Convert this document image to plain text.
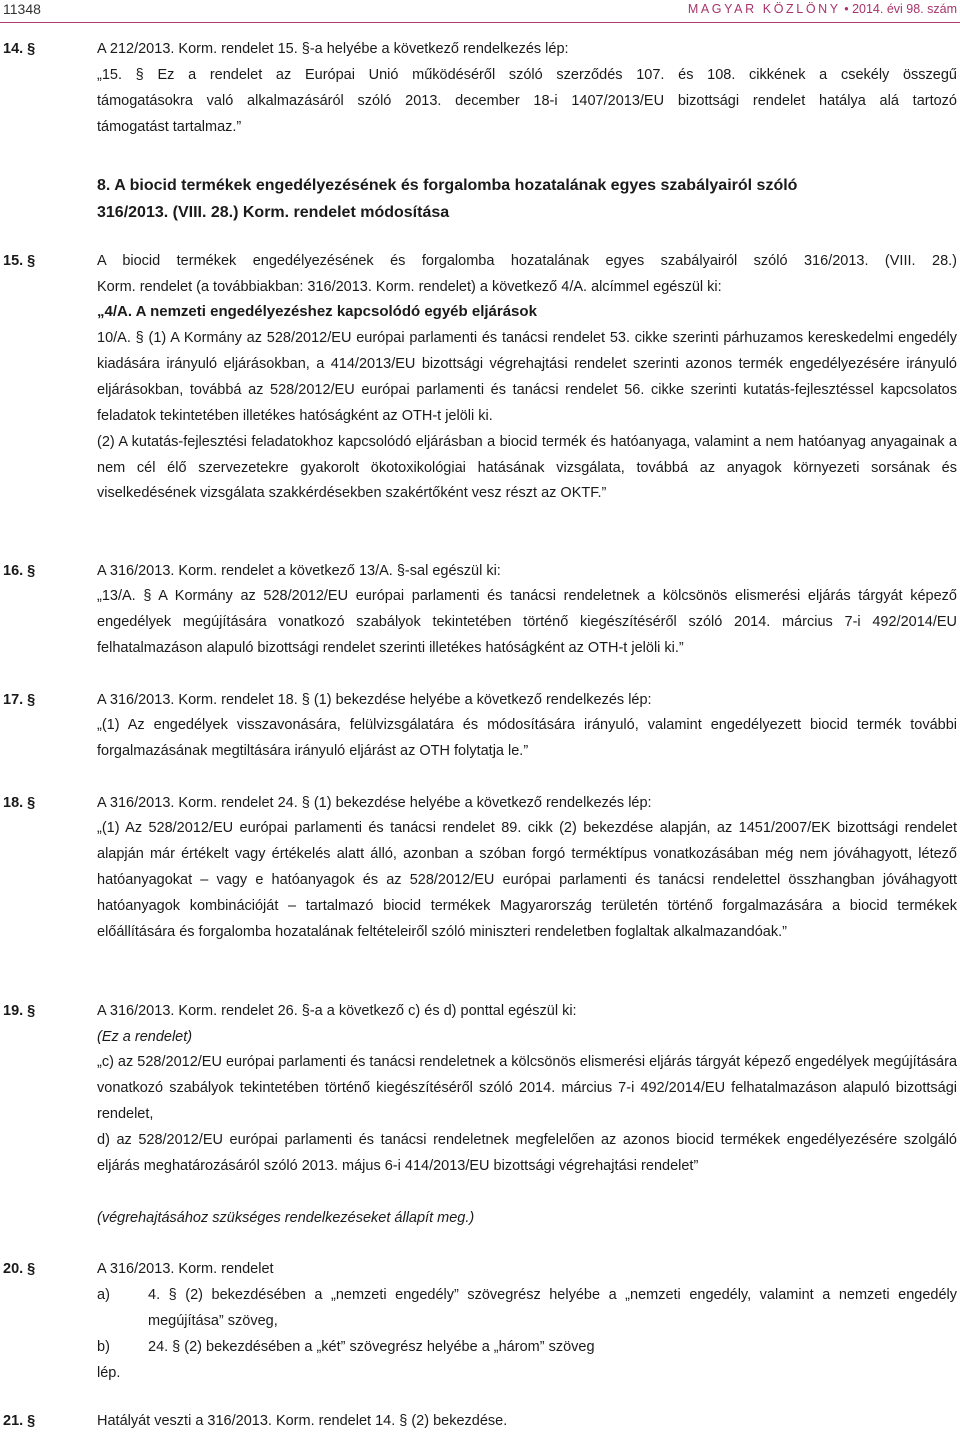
11348	MAGYAR KÖZLÖNY • 2014. évi 98. szám
14. §	A 212/2013. Korm. rendelet 15. §-a helyébe a következő rendelkezés lép:
„15. § Ez a rendelet az Európai Unió működéséről szóló szerződés 107. és 108. cikkének a csekély összegű
támogatásokra való alkalmazásáról szóló 2013. december 18-i 1407/2013/EU bizottsági rendelet hatálya alá tartozó
támogatást tartalmaz.”
8. A biocid termékek engedélyezésének és forgalomba hozatalának egyes szabályairól szóló
316/2013. (VIII. 28.) Korm. rendelet módosítása
15. §	A biocid termékek engedélyezésének és forgalomba hozatalának egyes szabályairól szóló 316/2013. (VIII. 28.)
Korm. rendelet (a továbbiakban: 316/2013. Korm. rendelet) a következő 4/A. alcímmel egészül ki:
„4/A. A nemzeti engedélyezéshez kapcsolódó egyéb eljárások

10/A. § (1) A Kormány az 528/2012/EU európai parlamenti és tanácsi rendelet 53. cikke szerinti párhuzamos kereskedelmi engedély kiadására irányuló eljárásokban, a 414/2013/EU bizottsági végrehajtási rendelet szerinti azonos termék engedélyezésére irányuló eljárásokban, továbbá az 528/2012/EU európai parlamenti és tanácsi rendelet 56. cikke szerinti kutatás-fejlesztéssel kapcsolatos feladatok tekintetében illetékes hatóságként az OTH-t jelöli ki.

(2) A kutatás-fejlesztési feladatokhoz kapcsolódó eljárásban a biocid termék és hatóanyaga, valamint a nem hatóanyag anyagainak a nem cél élő szervezetekre gyakorolt ökotoxikológiai hatásának vizsgálata, továbbá az anyagok környezeti sorsának és viselkedésének vizsgálata szakkérdésekben szakértőként vesz részt az OKTF.”

16. §	A 316/2013. Korm. rendelet a következő 13/A. §-sal egészül ki:

„13/A. § A Kormány az 528/2012/EU európai parlamenti és tanácsi rendeletnek a kölcsönös elismerési eljárás tárgyát képező engedélyek megújítására vonatkozó szabályok tekintetében történő kiegészítéséről szóló 2014. március 7-i 492/2014/EU felhatalmazáson alapuló bizottsági rendelet szerinti illetékes hatóságként az OTH-t jelöli ki.”

17. §	A 316/2013. Korm. rendelet 18. § (1) bekezdése helyébe a következő rendelkezés lép:

„(1) Az engedélyek visszavonására, felülvizsgálatára és módosítására irányuló, valamint engedélyezett biocid termék további forgalmazásának megtiltására irányuló eljárást az OTH folytatja le.”

18. §	A 316/2013. Korm. rendelet 24. § (1) bekezdése helyébe a következő rendelkezés lép:

„(1) Az 528/2012/EU európai parlamenti és tanácsi rendelet 89. cikk (2) bekezdése alapján, az 1451/2007/EK bizottsági rendelet alapján már értékelt vagy értékelés alatt álló, azonban a szóban forgó terméktípus vonatkozásában még nem jóváhagyott, létező hatóanyagokat – vagy e hatóanyagok és az 528/2012/EU európai parlamenti és tanácsi rendelettel összhangban jóváhagyott hatóanyagok kombinációját – tartalmazó biocid termékek Magyarország területén történő forgalmazására a biocid termékek előállítására és forgalomba hozatalának feltételeiről szóló miniszteri rendeletben foglaltak alkalmazandóak.”

19. §	A 316/2013. Korm. rendelet 26. §-a a következő c) és d) ponttal egészül ki:
(Ez a rendelet)

„c) az 528/2012/EU európai parlamenti és tanácsi rendeletnek a kölcsönös elismerési eljárás tárgyát képező engedélyek megújítására vonatkozó szabályok tekintetében történő kiegészítéséről szóló 2014. március 7-i 492/2014/EU felhatalmazáson alapuló bizottsági rendelet,

d) az 528/2012/EU európai parlamenti és tanácsi rendeletnek megfelelően az azonos biocid termékek engedélyezésére szolgáló eljárás meghatározásáról szóló 2013. május 6-i 414/2013/EU bizottsági végrehajtási rendelet”

(végrehajtásához szükséges rendelkezéseket állapít meg.)
20. §	A 316/2013. Korm. rendelet
a)	4. § (2) bekezdésében a „nemzeti engedély” szövegrész helyébe a „nemzeti engedély, valamint a nemzeti engedély megújítása” szöveg,

b)	24. § (2) bekezdésében a „két” szövegrész helyébe a „három” szöveg
lép.
21. §	Hatályát veszti a 316/2013. Korm. rendelet 14. § (2) bekezdése.
